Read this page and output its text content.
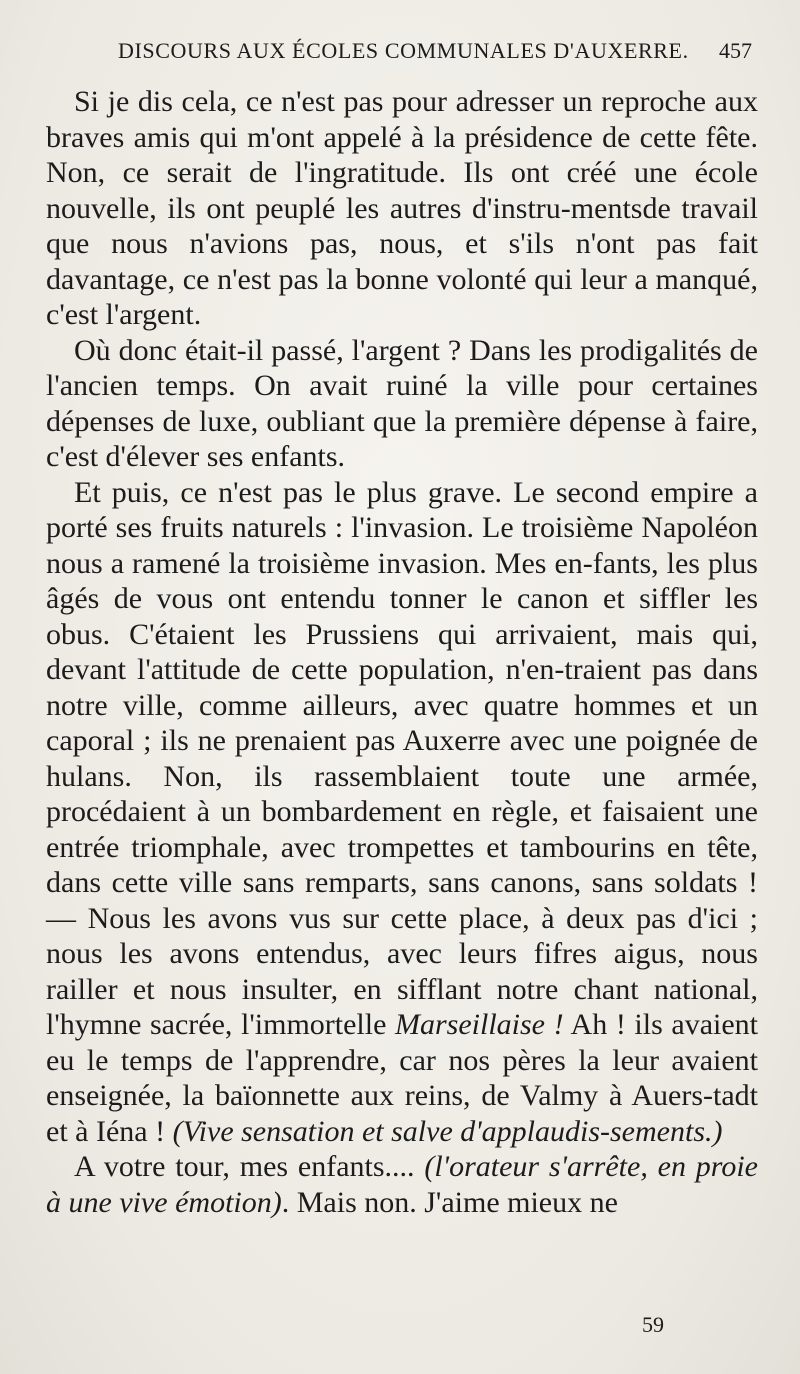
DISCOURS AUX ÉCOLES COMMUNALES D'AUXERRE. 457

Si je dis cela, ce n'est pas pour adresser un reproche aux braves amis qui m'ont appelé à la présidence de cette fête. Non, ce serait de l'ingratitude. Ils ont créé une école nouvelle, ils ont peuplé les autres d'instru-mentsde travail que nous n'avions pas, nous, et s'ils n'ont pas fait davantage, ce n'est pas la bonne volonté qui leur a manqué, c'est l'argent.

Où donc était-il passé, l'argent ? Dans les prodigalités de l'ancien temps. On avait ruiné la ville pour certaines dépenses de luxe, oubliant que la première dépense à faire, c'est d'élever ses enfants.

Et puis, ce n'est pas le plus grave. Le second empire a porté ses fruits naturels : l'invasion. Le troisième Napoléon nous a ramené la troisième invasion. Mes en-fants, les plus âgés de vous ont entendu tonner le canon et siffler les obus. C'étaient les Prussiens qui arrivaient, mais qui, devant l'attitude de cette population, n'en-traient pas dans notre ville, comme ailleurs, avec quatre hommes et un caporal ; ils ne prenaient pas Auxerre avec une poignée de hulans. Non, ils rassemblaient toute une armée, procédaient à un bombardement en règle, et faisaient une entrée triomphale, avec trompettes et tambourins en tête, dans cette ville sans remparts, sans canons, sans soldats ! — Nous les avons vus sur cette place, à deux pas d'ici ; nous les avons entendus, avec leurs fifres aigus, nous railler et nous insulter, en sifflant notre chant national, l'hymne sacrée, l'immortelle Marseillaise ! Ah ! ils avaient eu le temps de l'apprendre, car nos pères la leur avaient enseignée, la baïonnette aux reins, de Valmy à Auers-tadt et à Iéna ! (Vive sensation et salve d'applaudis-sements.)

A votre tour, mes enfants.... (l'orateur s'arrête, en proie à une vive émotion). Mais non. J'aime mieux ne

59
